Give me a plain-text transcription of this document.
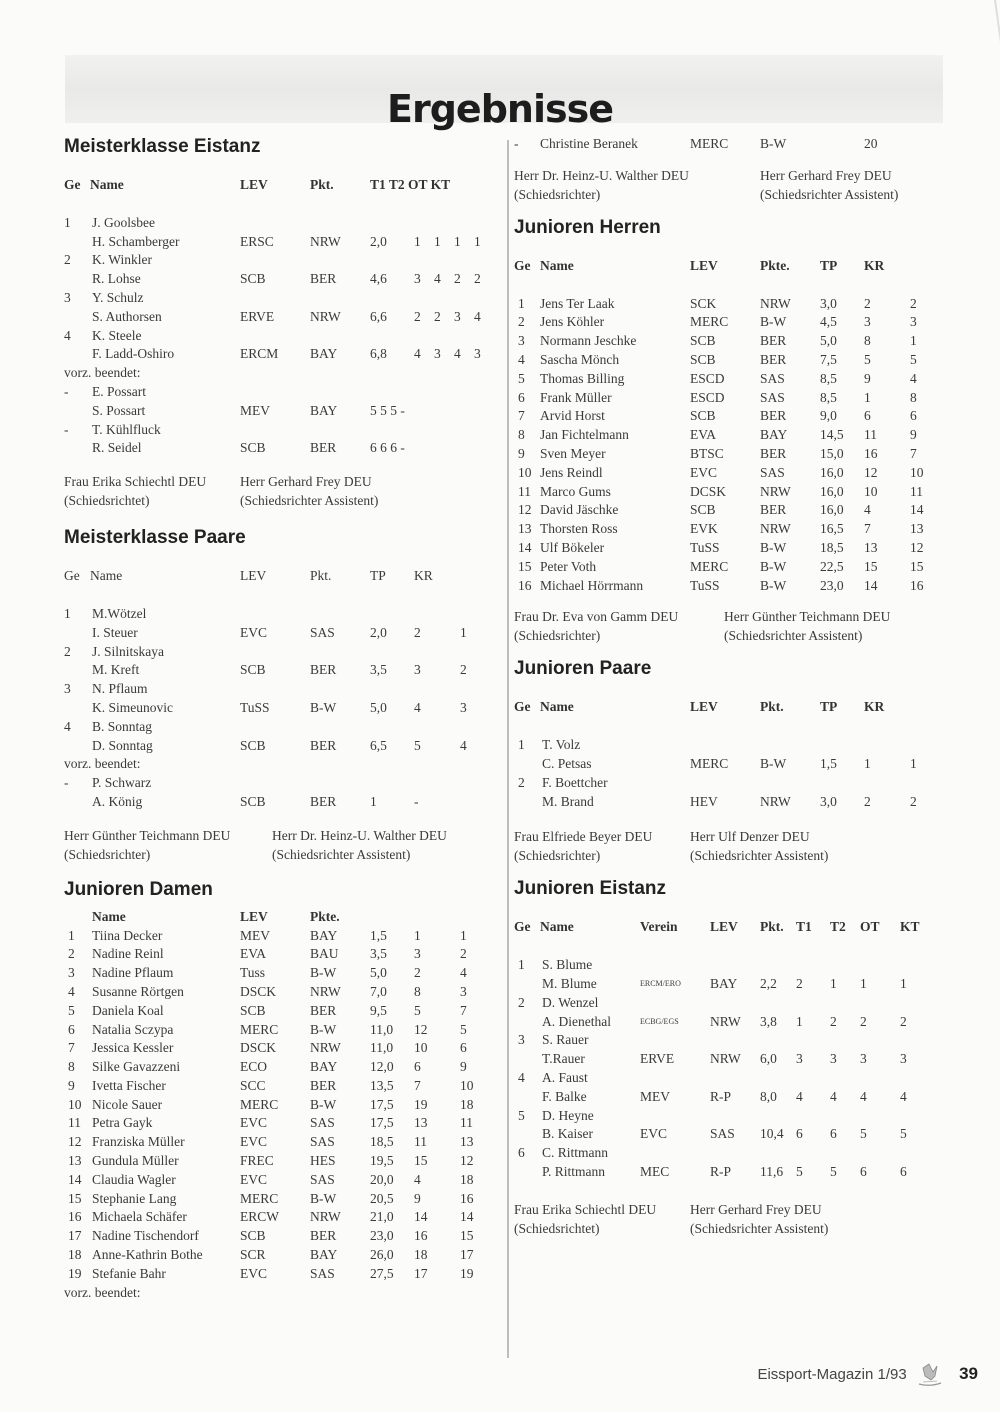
Ergebnisse
Meisterklasse Eistanz
Ge Name	LEV	Pkt.	T1 T2 OT KT
1 J. Goolsbee
H. Schamberger	ERSC	NRW 2,0 1 1 1 1
2 K. Winkler
R. Lohse	SCB	BER 4,6 3 4 2 2
3 Y. Schulz
S. Authorsen	ERVE	NRW 6,6 2 2 3 4
4 K. Steele
F. Ladd-Oshiro	ERCM BAY 6,8 4 3 4 3
vorz. beendet:
- E. Possart
S. Possart	MEV	BAY 5 5 5 -
- T. Kühlfluck
R. Seidel	SCB	BER 6 6 6 -
Frau Erika Schiechtl DEU
(Schiedsrichtet)
Herr Gerhard Frey DEU
(Schiedsrichter Assistent)
Meisterklasse Paare
Ge Name	LEV	Pkt.	TP KR
1 M.Wötzel
I. Steuer	EVC	SAS	2,0 2	1
2 J. Silnitskaya
M. Kreft	SCB	BER 3,5 3	2
3 N. Pflaum
K. Simeunovic	TuSS	B-W	5,0 4	3
4 B. Sonntag
D. Sonntag	SCB	BER 6,5 5	4
vorz. beendet:
- P. Schwarz
A. König	SCB	BER 1	-
Herr Günther Teichmann DEU
(Schiedsrichter)
Herr Dr. Heinz-U. Walther DEU
(Schiedsrichter Assistent)
Junioren Damen
Name	LEV	Pkte.
1 Tiina Decker	MEV	BAY 1,5 1	1
2 Nadine Reinl	EVA	BAU 3,5 3	2
3 Nadine Pflaum	Tuss	B-W	5,0 2	4
4 Susanne Rörtgen	DSCK	NRW 7,0 8	3
5 Daniela Koal	SCB	BER 9,5 5	7
6 Natalia Sczypa	MERC B-W	11,0 12 5
7 Jessica Kessler	DSCK	NRW 11,0 10 6
8 Silke Gavazzeni	ECO	BAY 12,0 6	9
9 Ivetta Fischer	SCC	BER 13,5 7	10
10 Nicole Sauer	MERC B-W	17,5 19 18
11 Petra Gayk	EVC	SAS	17,5 13 11
12 Franziska Müller	EVC	SAS	18,5 11 13
13 Gundula Müller	FREC	HES	19,5 15 12
14 Claudia Wagler	EVC	SAS	20,0 4	18
15 Stephanie Lang	MERC B-W	20,5 9	16
16 Michaela Schäfer	ERCW NRW 21,0 14 14
17 Nadine Tischendorf	SCB	BER 23,0 16 15
18 Anne-Kathrin Bothe	SCR	BAY 26,0 18 17
19 Stefanie Bahr	EVC	SAS	27,5 17 19
vorz. beendet:
- Christine Beranek	MERC B-W	20
Herr Dr. Heinz-U. Walther DEU
(Schiedsrichter)
Herr Gerhard Frey DEU
(Schiedsrichter Assistent)
Junioren Herren
Ge Name	LEV	Pkte. TP KR
1 Jens Ter Laak	SCK	NRW 3,0 2	2
2 Jens Köhler	MERC B-W	4,5 3	3
3 Normann Jeschke	SCB	BER 5,0 8	1
4 Sascha Mönch	SCB	BER 7,5 5	5
5 Thomas Billing	ESCD	SAS	8,5 9	4
6 Frank Müller	ESCD	SAS	8,5 1	8
7 Arvid Horst	SCB	BER 9,0 6	6
8 Jan Fichtelmann	EVA	BAY 14,5 11 9
9 Sven Meyer	BTSC	BER 15,0 16 7
10 Jens Reindl	EVC	SAS	16,0 12 10
11 Marco Gums	DCSK	NRW 16,0 10 11
12 David Jäschke	SCB	BER 16,0 4	14
13 Thorsten Ross	EVK	NRW 16,5 7	13
14 Ulf Bökeler	TuSS	B-W	18,5 13 12
15 Peter Voth	MERC B-W	22,5 15 15
16 Michael Hörrmann	TuSS	B-W	23,0 14 16
Frau Dr. Eva von Gamm DEU
(Schiedsrichter)
Herr Günther Teichmann DEU
(Schiedsrichter Assistent)
Junioren Paare
Ge Name	LEV	Pkt.	TP KR
1 T. Volz
C. Petsas	MERC B-W	1,5 1	1
2 F. Boettcher
M. Brand	HEV	NRW 3,0 2	2
Frau Elfriede Beyer DEU
(Schiedsrichter)
Herr Ulf Denzer DEU
(Schiedsrichter Assistent)
Junioren Eistanz
Ge Name	Verein LEV Pkt. T1 T2 OT KT
1 S. Blume
M. Blume	ERCM/ERO BAY 2,2 2 1 1 1
2 D. Wenzel
A. Dienethal	ECBG/EGS NRW 3,8 1 2 2 2
3 S. Rauer
T.Rauer	ERVE	NRW 6,0 3 3 3 3
4 A. Faust
F. Balke	MEV	R-P 8,0 4 4 4 4
5 D. Heyne
B. Kaiser	EVC	SAS 10,4 6 6 5 5
6 C. Rittmann
P. Rittmann	MEC	R-P 11,6 5 5 6 6
Frau Erika Schiechtl DEU
(Schiedsrichtet)
Herr Gerhard Frey DEU
(Schiedsrichter Assistent)
Eissport-Magazin 1/93	39
